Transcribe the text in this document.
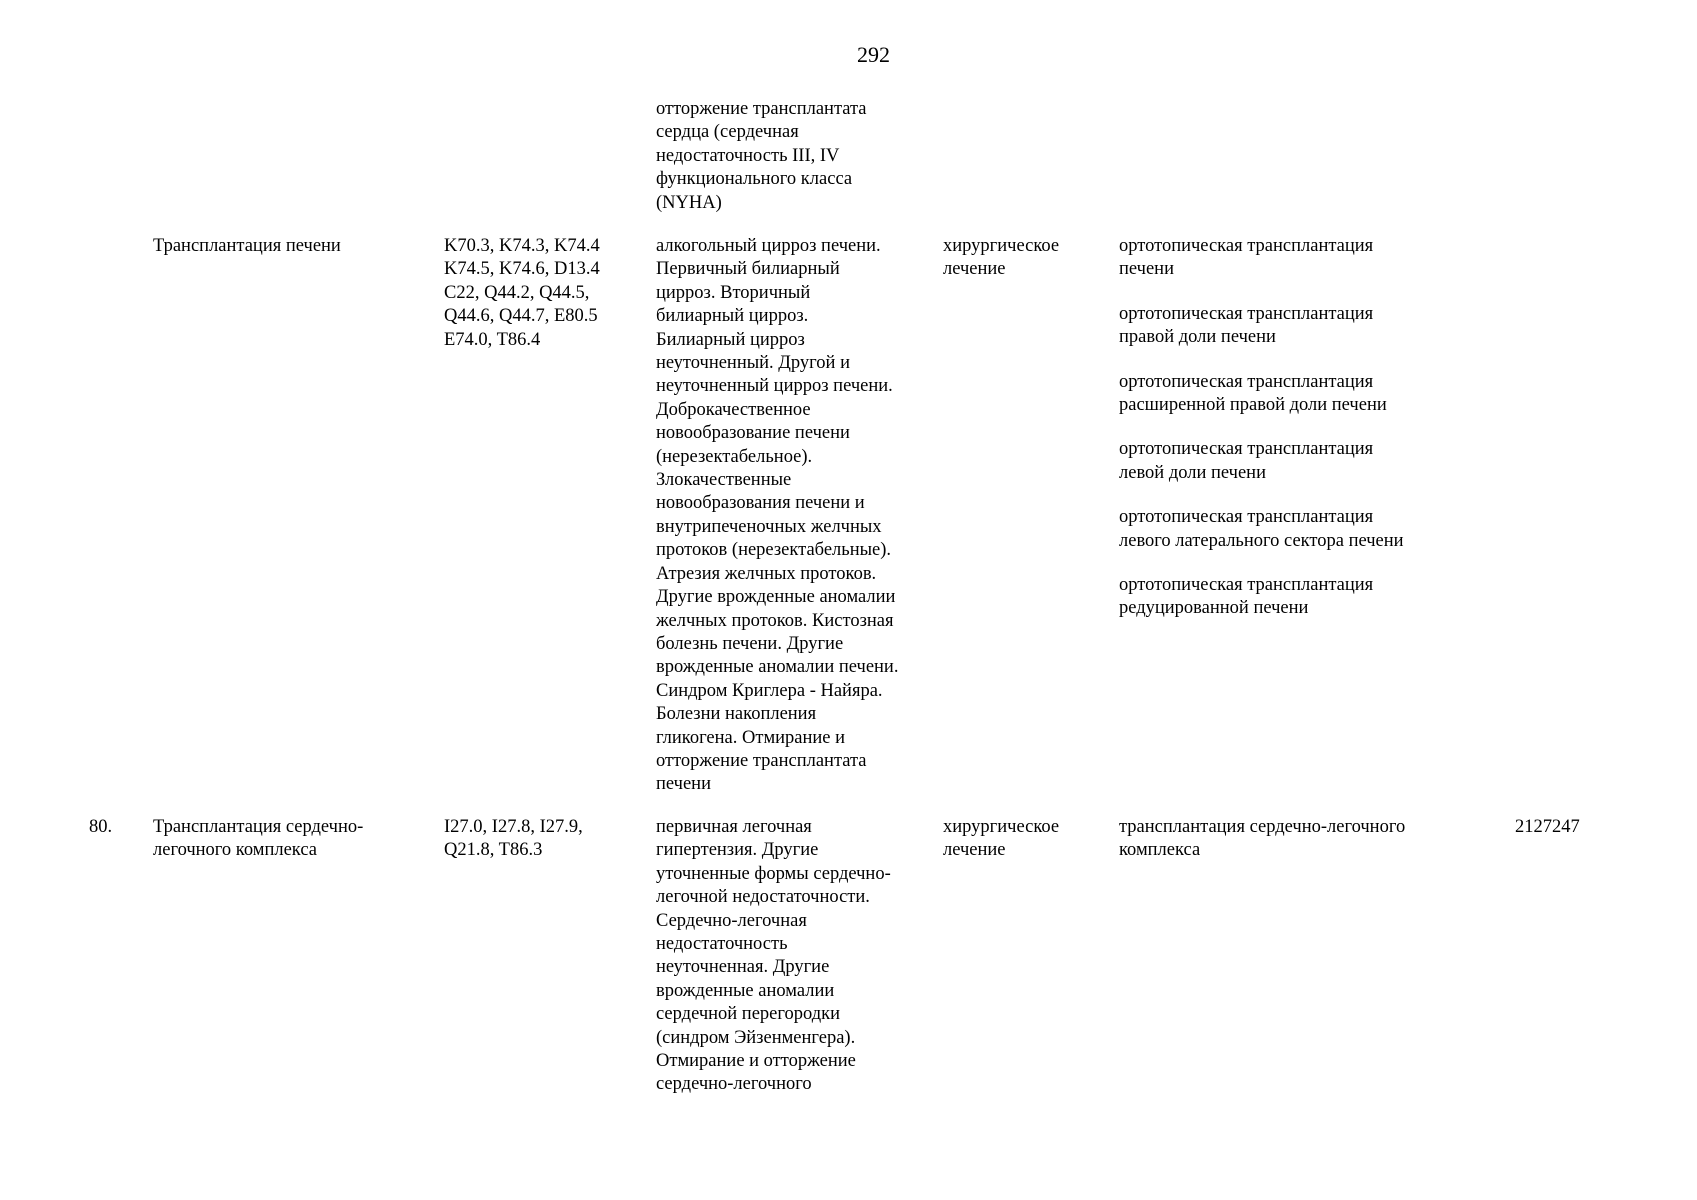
292
отторжение трансплантата
сердца (сердечная
недостаточность III, IV
функционального класса
(NYHA)
Трансплантация печени	K70.3, K74.3, K74.4
K74.5, K74.6, D13.4
C22, Q44.2, Q44.5,
Q44.6, Q44.7, E80.5
E74.0, T86.4
алкогольный цирроз печени.
Первичный билиарный
цирроз. Вторичный
билиарный цирроз.
Билиарный цирроз
неуточненный. Другой и
неуточненный цирроз печени.
Доброкачественное
новообразование печени
(нерезектабельное).
Злокачественные
новообразования печени и
внутрипеченочных желчных
протоков (нерезектабельные).
Атрезия желчных протоков.
Другие врожденные аномалии
желчных протоков. Кистозная
болезнь печени. Другие
врожденные аномалии печени.
Синдром Криглера - Найяра.
Болезни накопления
гликогена. Отмирание и
отторжение трансплантата
печени
хирургическое
лечение
ортотопическая трансплантация
печени
ортотопическая трансплантация
правой доли печени
ортотопическая трансплантация
расширенной правой доли печени
ортотопическая трансплантация
левой доли печени
ортотопическая трансплантация
левого латерального сектора печени
ортотопическая трансплантация
редуцированной печени
80. Трансплантация сердечно-
легочного комплекса
I27.0, I27.8, I27.9,
Q21.8, T86.3
первичная легочная
гипертензия. Другие
уточненные формы сердечно-
легочной недостаточности.
Сердечно-легочная
недостаточность
неуточненная. Другие
врожденные аномалии
сердечной перегородки
(синдром Эйзенменгера).
Отмирание и отторжение
сердечно-легочного
хирургическое
лечение
трансплантация сердечно-легочного
комплекса
2127247
